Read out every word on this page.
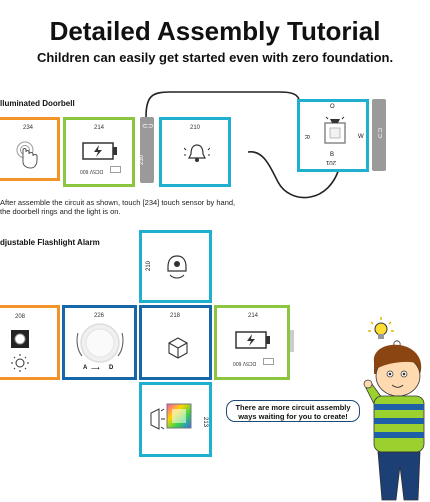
Detailed Assembly Tutorial
Children can easily get started even with zero foundation.
lluminated Doorbell
234	214
DC5V 600
⊂⊃
230
210
O
R	W
B
201
⊂⊃
After assemble the circuit as shown, touch [234] touch sensor by hand,
the doorbell rings and the light is on.
djustable Flashlight Alarm
210
208	226
A ⟶ D
218	214
DC5V 600
213
There are more circuit assembly
ways waiting for you to create!
